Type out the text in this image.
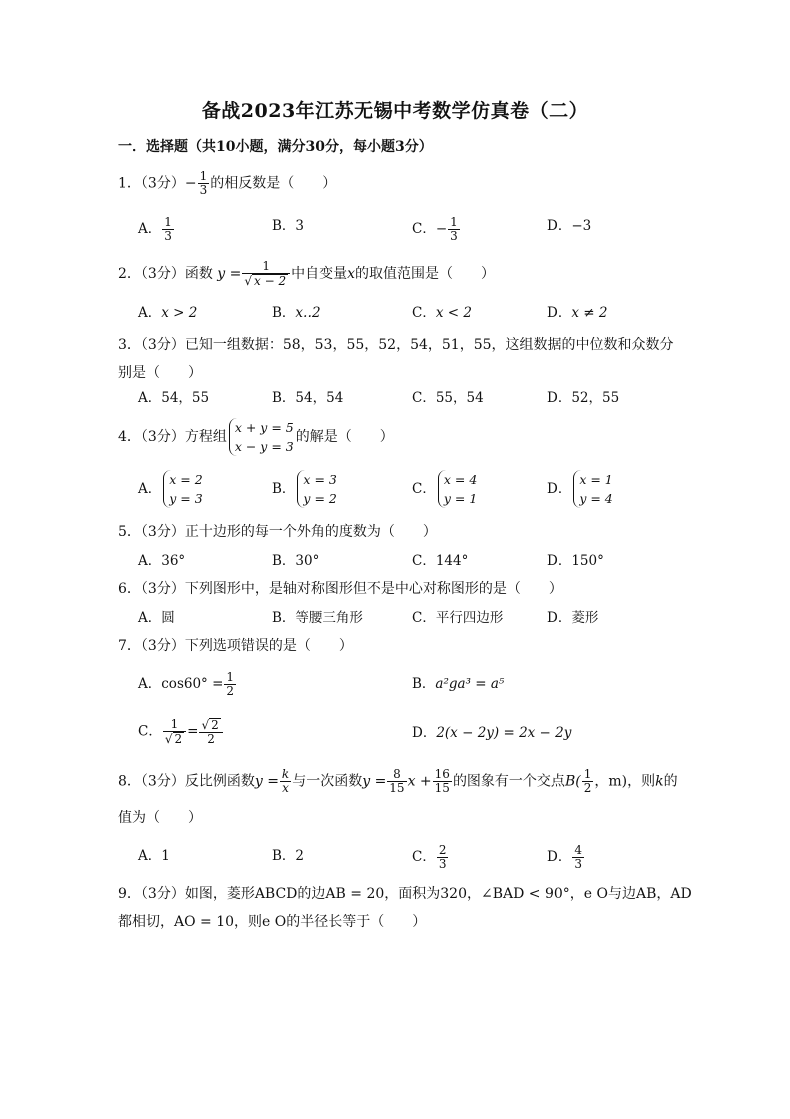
备战2023年江苏无锡中考数学仿真卷（二）
一．选择题（共10小题，满分30分，每小题3分）
1．（3分）− $\frac{1}{3}$ 的相反数是（　　）
A． $\frac{1}{3}$	B．3	C．− $\frac{1}{3}$	D．−3
2．（3分）函数 $y = \frac{1}{√ x - 2}$ 中自变量x的取值范围是（　　）
A．x > 2	B．x‥2	C．x < 2	D．x ≠ 2
3．（3分）已知一组数据：58，53，55，52，54，51，55，这组数据的中位数和众数分别是（　　）
A．54，55	B．54，54	C．55，54	D．52，55
4．（3分）方程组
x + y = 5
x − y = 3
的解是（　　）
A．
x = 2
y = 3
B．
x = 3
y = 2
C．
x = 4
y = 1
D．
x = 1
y = 4
5．（3分）正十边形的每一个外角的度数为（　　）
A．36°	B．30°	C．144°	D．150°
6．（3分）下列图形中，是轴对称图形但不是中心对称图形的是（　　）
A．圆	B．等腰三角形	C．平行四边形	D．菱形
7．（3分）下列选项错误的是（　　）
A．$\cos 60^\circ = \frac{1}{2}$	B．a²ga³ = a⁵
C． $\frac{1}{√ 2} = \frac{√ 2}{2}$	D．2(x − 2y) = 2x − 2y
8．（3分）反比例函数$y = \frac{k}{x}$ 与一次函数$y = \frac{8}{15}$ $x + \frac{16}{15}$ 的图象有一个交点$B( \frac{1}{2}$ ，m)，则k的
值为（　　）
A．1	B．2	C． $\frac{2}{3}$	D． $\frac{4}{3}$
9．（3分）如图，菱形ABCD的边AB = 20，面积为320，∠BAD < 90°，e O与边AB，AD
都相切，AO = 10，则e O的半径长等于（　　）
